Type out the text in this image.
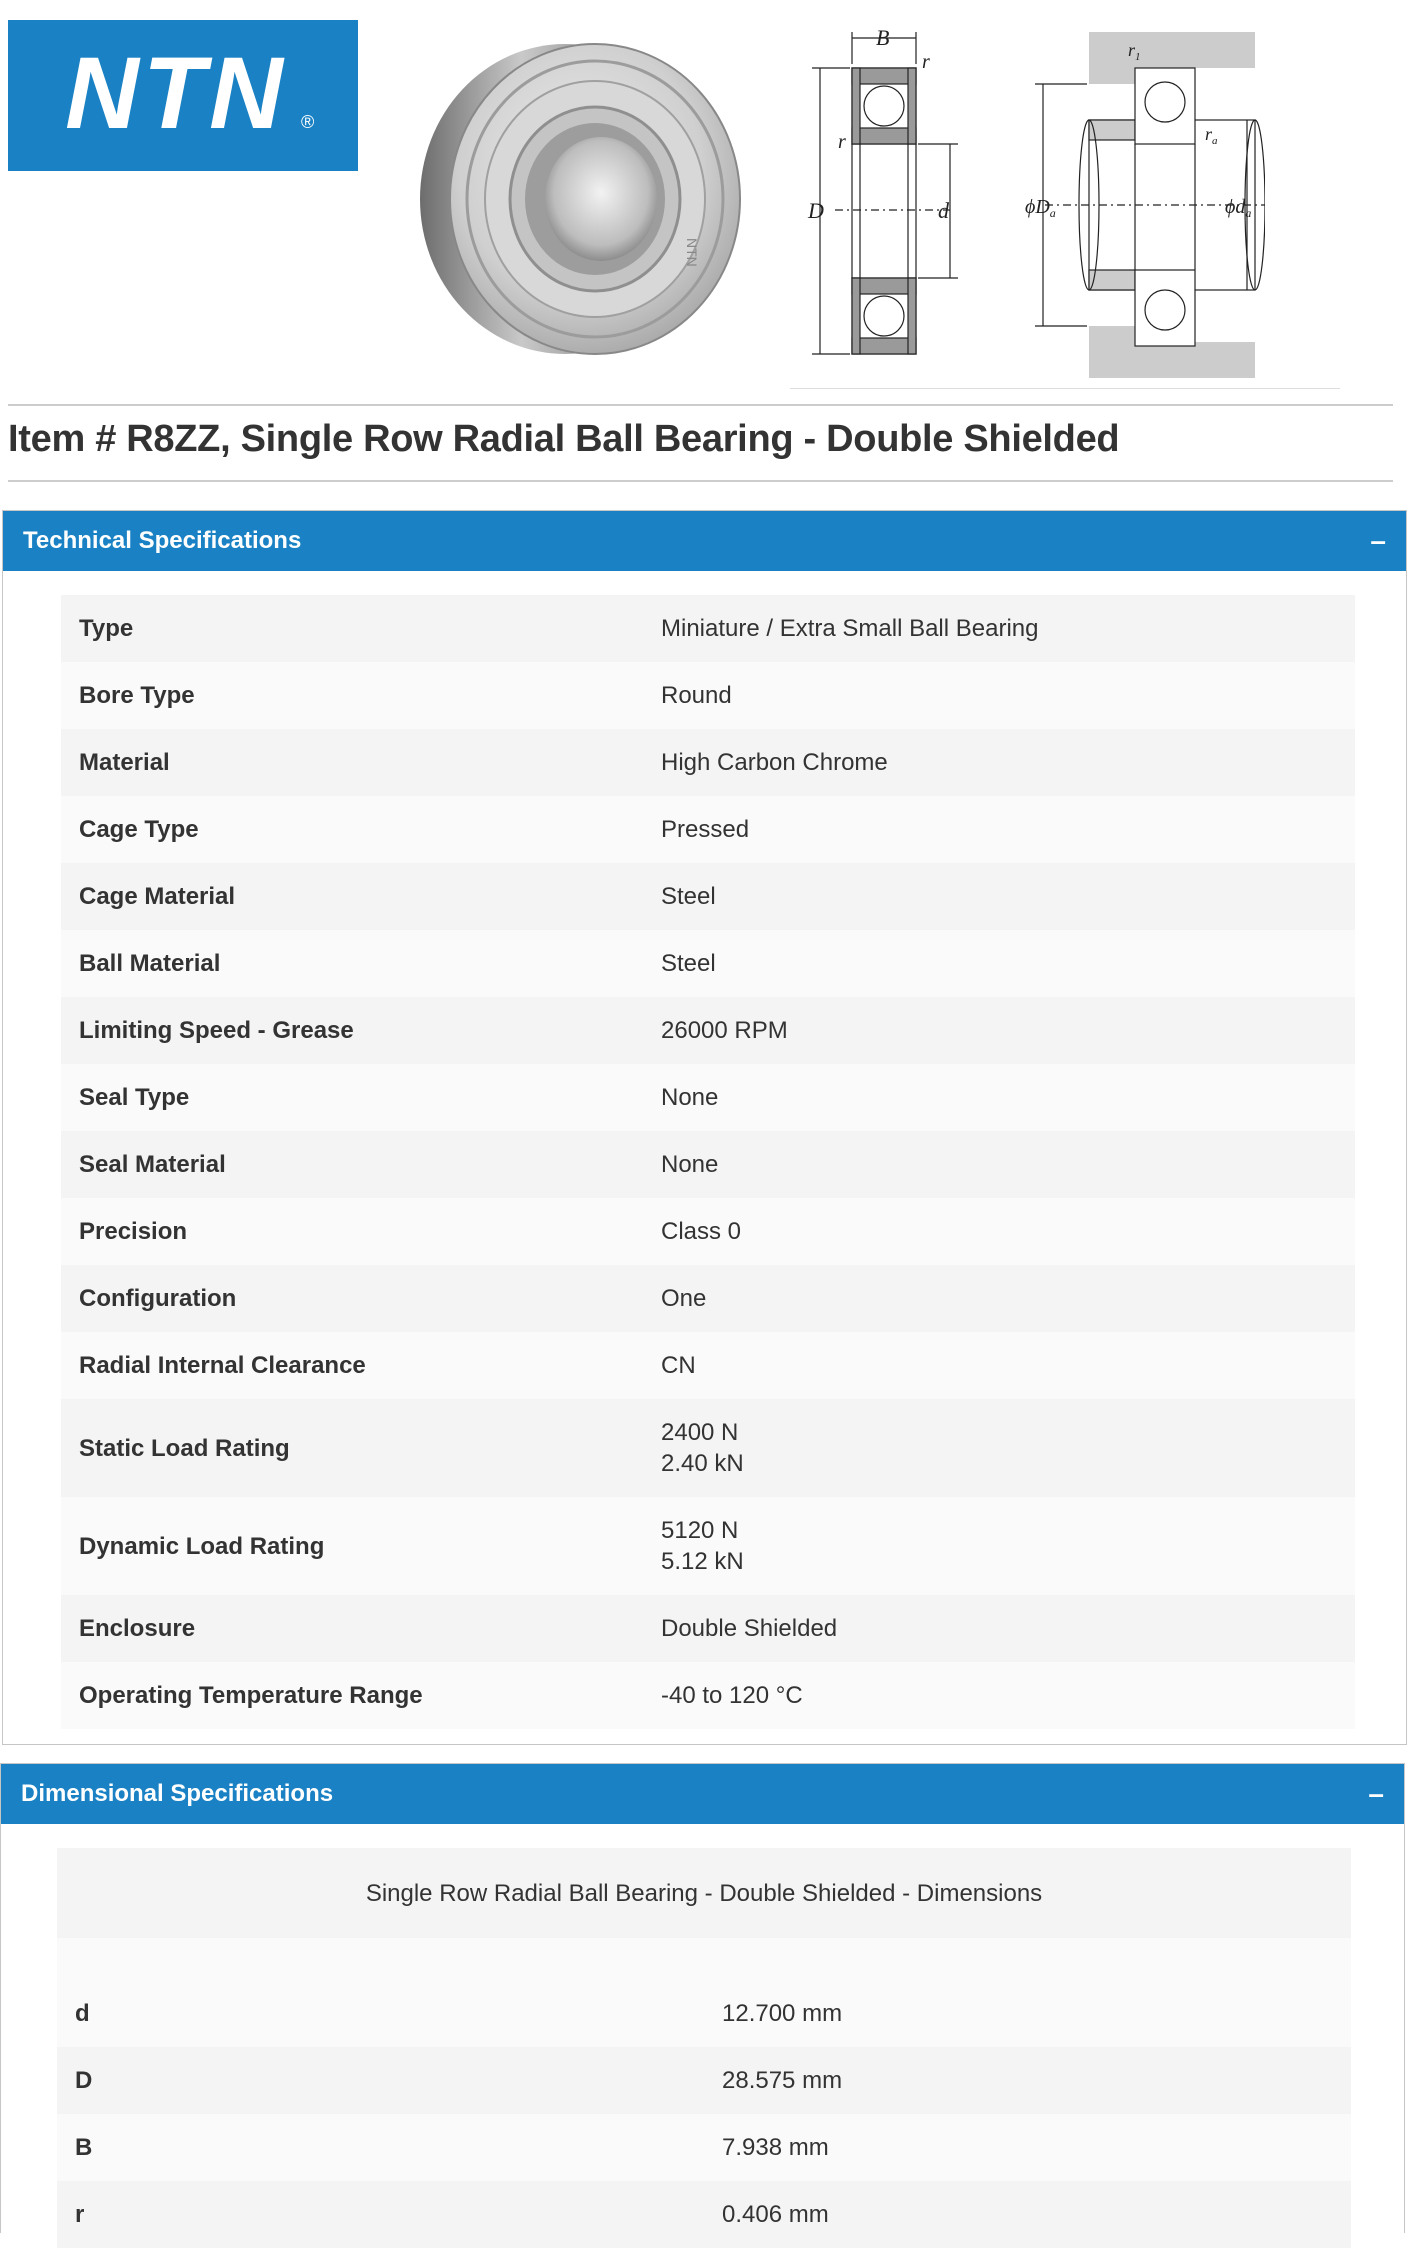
NTN ®
NTN
B
r
r
D	d
$r_1$
$r_a$
$\phi D_a$	$\phi d_a$
Item # R8ZZ, Single Row Radial Ball Bearing - Double Shielded
Technical Specifications	–
Type	Miniature / Extra Small Ball Bearing

Bore Type	Round

Material	High Carbon Chrome

Cage Type	Pressed

Cage Material	Steel

Ball Material	Steel

Limiting Speed - Grease	26000 RPM

Seal Type	None

Seal Material	None

Precision	Class 0

Configuration	One

Radial Internal Clearance	CN

Static Load Rating	2400 N
2.40 kN

Dynamic Load Rating	5120 N
5.12 kN

Enclosure	Double Shielded

Operating Temperature Range	-40 to 120 °C
Dimensional Specifications	–
Single Row Radial Ball Bearing - Double Shielded - Dimensions	

d	12.700 mm

D	28.575 mm

B	7.938 mm

r	0.406 mm
